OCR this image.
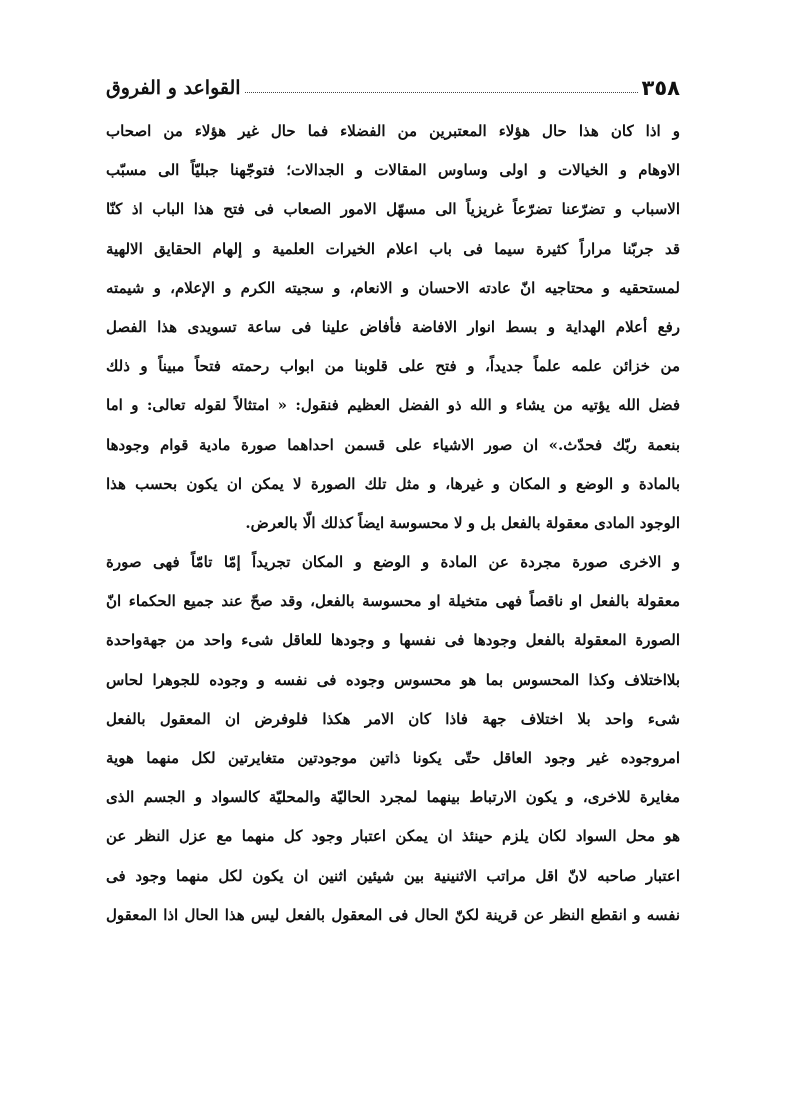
القواعد و الفروق	٣٥٨
و اذا كان هذا حال هؤلاء المعتبرين من الفضلاء فما حال غير هؤلاء من اصحاب
الاوهام و الخيالات و اولى وساوس المقالات و الجدالات؛ فتوجّهنا جبليّاً الى مسبّب
الاسباب و تضرّعنا تضرّعاً غريزياً الى مسهّل الامور الصعاب فى فتح هذا الباب اذ كنّا
قد جربّنا مراراً كثيرة سيما فى باب اعلام الخيرات العلمية و إلهام الحقايق الالهية
لمستحقيه و محتاجيه انّ عادته الاحسان و الانعام، و سجيته الكرم و الإعلام، و شيمته
رفع أعلام الهداية و بسط انوار الافاضة فأفاض علينا فى ساعة تسويدى هذا الفصل
من خزائن علمه علماً جديداً، و فتح على قلوبنا من ابواب رحمته فتحاً مبيناً و ذلك
فضل الله يؤتيه من يشاء و الله ذو الفضل العظيم فنقول: « امتثالاً لقوله تعالى: و اما
بنعمة ربّك فحدّث.» ان صور الاشياء على قسمن احداهما صورة مادية قوام وجودها
بالمادة و الوضع و المكان و غيرها، و مثل تلك الصورة لا يمكن ان يكون بحسب هذا
الوجود المادى معقولة بالفعل بل و لا محسوسة ايضاً كذلك الّا بالعرض.
و الاخرى صورة مجردة عن المادة و الوضع و المكان تجريداً إمّا تامّاً فهى صورة
معقولة بالفعل او ناقصاً فهى متخيلة او محسوسة بالفعل، وقد صحّ عند جميع الحكماء انّ
الصورة المعقولة بالفعل وجودها فى نفسها و وجودها للعاقل شىء واحد من جهةواحدة
بلااختلاف وكذا المحسوس بما هو محسوس وجوده فى نفسه و وجوده للجوهرا لحاس
شىء واحد بلا اختلاف جهة فاذا كان الامر هكذا فلوفرض ان المعقول بالفعل
امروجوده غير وجود العاقل حتّى يكونا ذاتين موجودتين متغايرتين لكل منهما هوية
مغايرة للاخرى، و يكون الارتباط بينهما لمجرد الحاليّة والمحليّة كالسواد و الجسم الذى
هو محل السواد لكان يلزم حينئذ ان يمكن اعتبار وجود كل منهما مع عزل النظر عن
اعتبار صاحبه لانّ اقل مراتب الاثنينية بين شيئين اثنين ان يكون لكل منهما وجود فى
نفسه و انقطع النظر عن قرينة لكنّ الحال فى المعقول بالفعل ليس هذا الحال اذا المعقول
